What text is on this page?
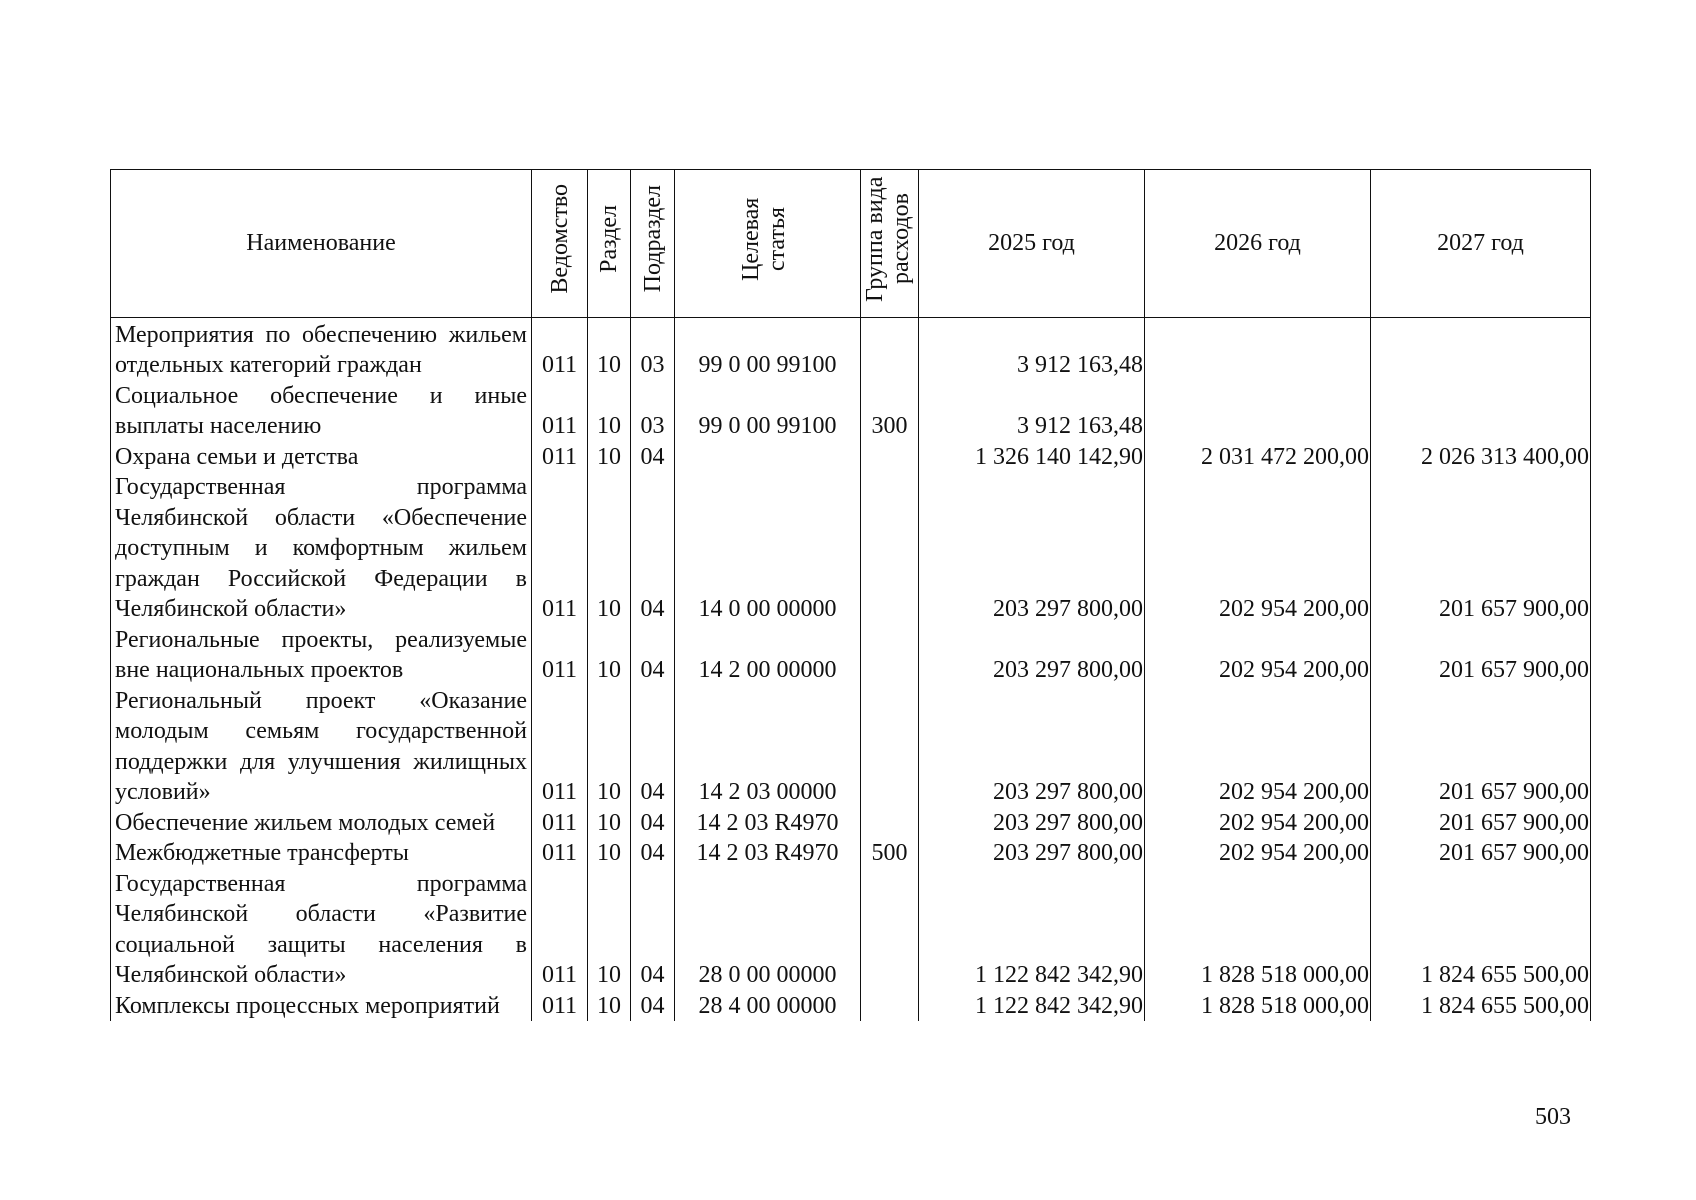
Наименование	Ведомство	Раздел	Подраздел	Целевая статья	Группа вида расходов	2025 год	2026 год	2027 год
Мероприятия по обеспечению жильем отдельных категорий граждан	011	10	03	99 0 00 99100		3 912 163,48		
Социальное обеспечение и иные выплаты населению	011	10	03	99 0 00 99100	300	3 912 163,48		
Охрана семьи и детства	011	10	04			1 326 140 142,90	2 031 472 200,00	2 026 313 400,00
Государственная программа Челябинской области «Обеспечение доступным и комфортным жильем граждан Российской Федерации в Челябинской области»	011	10	04	14 0 00 00000		203 297 800,00	202 954 200,00	201 657 900,00
Региональные проекты, реализуемые вне национальных проектов	011	10	04	14 2 00 00000		203 297 800,00	202 954 200,00	201 657 900,00
Региональный проект «Оказание молодым семьям государственной поддержки для улучшения жилищных условий»	011	10	04	14 2 03 00000		203 297 800,00	202 954 200,00	201 657 900,00
Обеспечение жильем молодых семей	011	10	04	14 2 03 R4970		203 297 800,00	202 954 200,00	201 657 900,00
Межбюджетные трансферты	011	10	04	14 2 03 R4970	500	203 297 800,00	202 954 200,00	201 657 900,00
Государственная программа Челябинской области «Развитие социальной защиты населения в Челябинской области»	011	10	04	28 0 00 00000		1 122 842 342,90	1 828 518 000,00	1 824 655 500,00
Комплексы процессных мероприятий	011	10	04	28 4 00 00000		1 122 842 342,90	1 828 518 000,00	1 824 655 500,00
503
